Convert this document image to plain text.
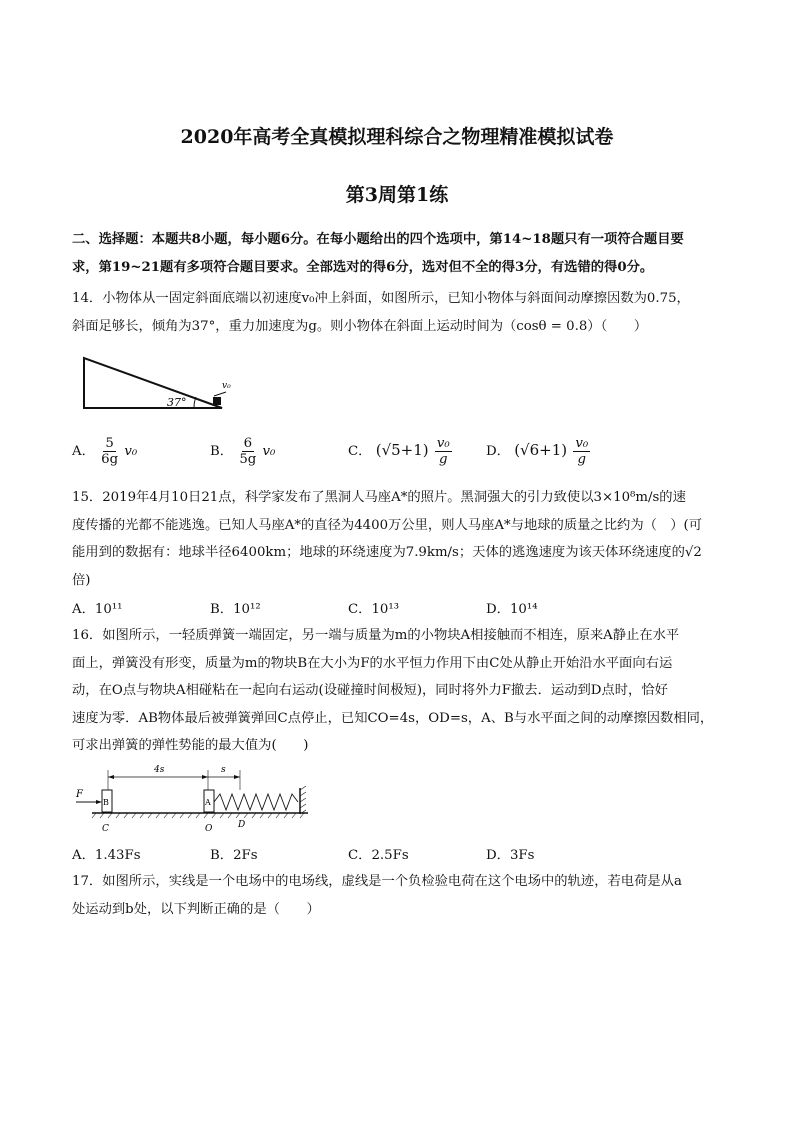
2020年高考全真模拟理科综合之物理精准模拟试卷
第3周第1练
二、选择题：本题共8小题，每小题6分。在每小题给出的四个选项中，第14~18题只有一项符合题目要
求，第19~21题有多项符合题目要求。全部选对的得6分，选对但不全的得3分，有选错的得0分。
14．小物体从一固定斜面底端以初速度v₀冲上斜面，如图所示，已知小物体与斜面间动摩擦因数为0.75，
斜面足够长，倾角为37°，重力加速度为g。则小物体在斜面上运动时间为（cosθ = 0.8）（　　）
37°
v₀
A． $\frac{5}{6g} v_0$	B． $\frac{6}{5g} v_0$	C． $(√5+1) \frac{\text{v₀}}{g}$	D． $(√6+1) \frac{\text{v₀}}{g}$
15．2019年4月10日21点，科学家发布了黑洞人马座A*的照片。黑洞强大的引力致使以3×10⁸m/s的速
度传播的光都不能逃逸。已知人马座A*的直径为4400万公里，则人马座A*与地球的质量之比约为（　）(可
能用到的数据有：地球半径6400km；地球的环绕速度为7.9km/s；天体的逃逸速度为该天体环绕速度的√2
倍)
A．10¹¹	B．10¹²	C．10¹³	D．10¹⁴
16．如图所示，一轻质弹簧一端固定，另一端与质量为m的小物块A相接触而不相连，原来A静止在水平
面上，弹簧没有形变，质量为m的物块B在大小为F的水平恒力作用下由C处从静止开始沿水平面向右运
动，在O点与物块A相碰粘在一起向右运动(设碰撞时间极短)，同时将外力F撤去．运动到D点时，恰好
速度为零．AB物体最后被弹簧弹回C点停止，已知CO=4s，OD=s，A、B与水平面之间的动摩擦因数相同，
可求出弹簧的弹性势能的最大值为(　　)
4s	s
F
B	A
C	O	D
A．1.43Fs	B．2Fs	C．2.5Fs	D．3Fs
17．如图所示，实线是一个电场中的电场线，虚线是一个负检验电荷在这个电场中的轨迹，若电荷是从a
处运动到b处，以下判断正确的是（　　）
